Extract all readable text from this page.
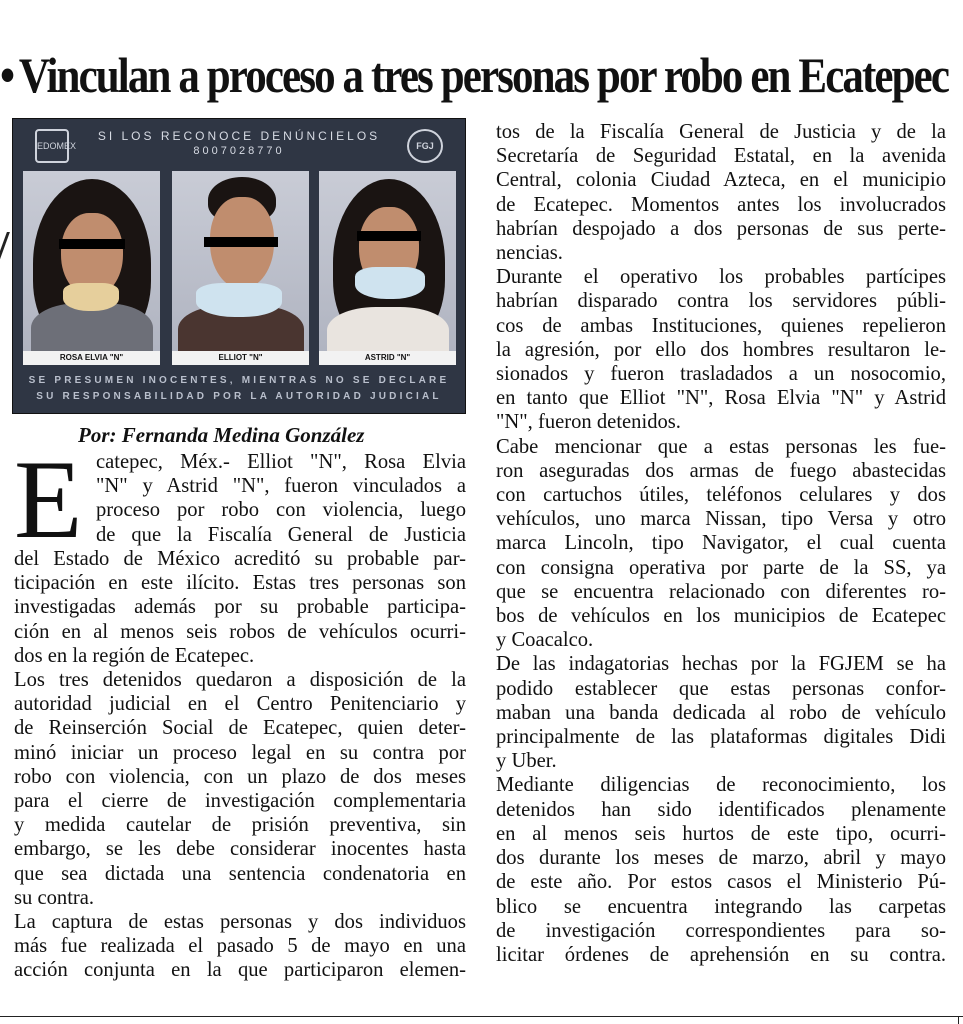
• Vinculan a proceso a tres personas por robo en Ecatepec
EDOMEX	FGJ
SI LOS RECONOCE DENÚNCIELOS
8007028770
ROSA ELVIA "N"	ELLIOT "N"	ASTRID "N"
SE PRESUMEN INOCENTES, MIENTRAS NO SE DECLARE
SU RESPONSABILIDAD POR LA AUTORIDAD JUDICIAL
Por: Fernanda Medina González
E catepec, Méx.- Elliot "N", Rosa Elvia
"N" y Astrid "N", fueron vinculados a
proceso por robo con violencia, luego
de que la Fiscalía General de Justicia
del Estado de México acreditó su probable par-
ticipación en este ilícito. Estas tres personas son
investigadas además por su probable participa-
ción en al menos seis robos de vehículos ocurri-
dos en la región de Ecatepec.
Los tres detenidos quedaron a disposición de la
autoridad judicial en el Centro Penitenciario y
de Reinserción Social de Ecatepec, quien deter-
minó iniciar un proceso legal en su contra por
robo con violencia, con un plazo de dos meses
para el cierre de investigación complementaria
y medida cautelar de prisión preventiva, sin
embargo, se les debe considerar inocentes hasta
que sea dictada una sentencia condenatoria en
su contra.
La captura de estas personas y dos individuos
más fue realizada el pasado 5 de mayo en una
acción conjunta en la que participaron elemen-
tos de la Fiscalía General de Justicia y de la
Secretaría de Seguridad Estatal, en la avenida
Central, colonia Ciudad Azteca, en el municipio
de Ecatepec. Momentos antes los involucrados
habrían despojado a dos personas de sus perte-
nencias.
Durante el operativo los probables partícipes
habrían disparado contra los servidores públi-
cos de ambas Instituciones, quienes repelieron
la agresión, por ello dos hombres resultaron le-
sionados y fueron trasladados a un nosocomio,
en tanto que Elliot "N", Rosa Elvia "N" y Astrid
"N", fueron detenidos.
Cabe mencionar que a estas personas les fue-
ron aseguradas dos armas de fuego abastecidas
con cartuchos útiles, teléfonos celulares y dos
vehículos, uno marca Nissan, tipo Versa y otro
marca Lincoln, tipo Navigator, el cual cuenta
con consigna operativa por parte de la SS, ya
que se encuentra relacionado con diferentes ro-
bos de vehículos en los municipios de Ecatepec
y Coacalco.
De las indagatorias hechas por la FGJEM se ha
podido establecer que estas personas confor-
maban una banda dedicada al robo de vehículo
principalmente de las plataformas digitales Didi
y Uber.
Mediante diligencias de reconocimiento, los
detenidos han sido identificados plenamente
en al menos seis hurtos de este tipo, ocurri-
dos durante los meses de marzo, abril y mayo
de este año. Por estos casos el Ministerio Pú-
blico se encuentra integrando las carpetas
de investigación correspondientes para so-
licitar órdenes de aprehensión en su contra.
